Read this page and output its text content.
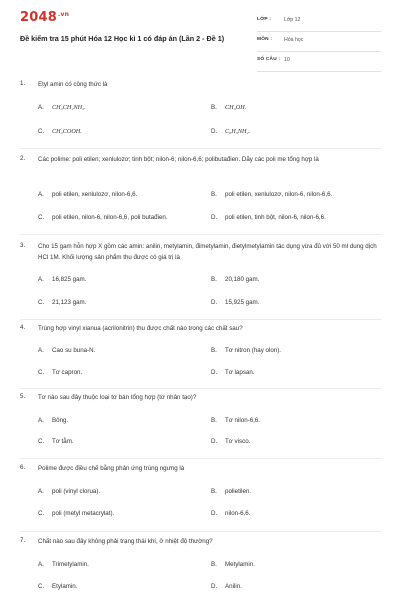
$2048^{.vn}$
Đề kiểm tra 15 phút Hóa 12 Học kì 1 có đáp án (Lần 2 - Đề 1)
LỚP : Lớp 12
MÔN : Hóa học
SỐ CÂU : 10
1. Etyl amin có công thức là
A. CH₃CH₂NH₂.	B. CH₃OH.
C. CH₃COOH.	D. C₆H₅NH₂.
2. Các polime: poli etilen; xenlulozơ; tinh bột; nilon-6; nilon-6,6; polibutađien. Dãy các poli me tổng hợp là
A. poli etilen, xenlulozơ, nilon-6,6.	B. poli etilen, xenlulozơ, nilon-6, nilon-6,6.
C. poli etilen, nilon-6, nilon-6,6, poli butađien.	D. poli etilen, tinh bột, nilon-6, nilon-6,6.
3. Cho 15 gam hỗn hợp X gồm các amin: anilin, metylamin, đimetylamin, đietylmetylamin tác dụng vừa đủ với 50 ml dung dịch HCl 1M. Khối lượng sản phẩm thu được có giá trị là
A. 16,825 gam.	B. 20,180 gam.
C. 21,123 gam.	D. 15,925 gam.
4. Trùng hợp vinyl xianua (acrilonitrin) thu được chất nào trong các chất sau?
A. Cao su buna-N.	B. Tơ nitron (hay olon).
C. Tơ capron.	D. Tơ lapsan.
5. Tơ nào sau đây thuộc loại tơ bán tổng hợp (tơ nhân tạo)?
A. Bông.	B. Tơ nilon-6,6.
C. Tơ tằm.	D. Tơ visco.
6. Polime được điều chế bằng phản ứng trùng ngưng là
A. poli (vinyl clorua).	B. polietilen.
C. poli (metyl metacrylat).	D. nilon-6,6.
7. Chất nào sau đây không phải trạng thái khí, ở nhiệt độ thường?
A. Trimetylamin.	B. Metylamin.
C. Etylamin.	D. Anilin.
